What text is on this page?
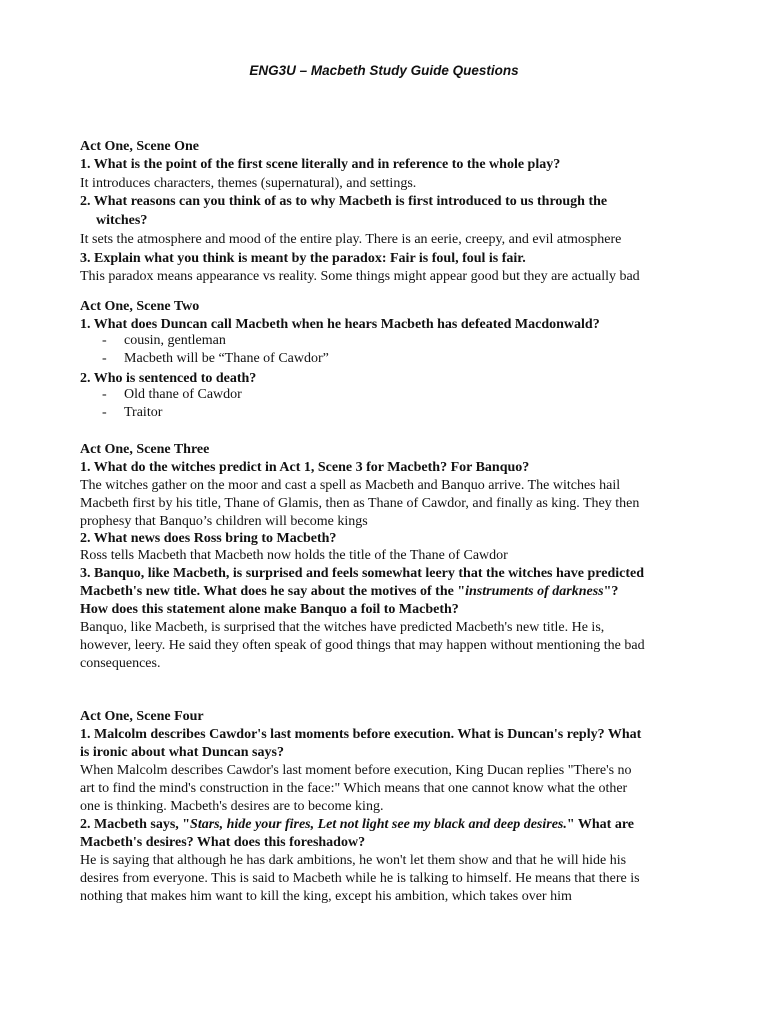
ENG3U – Macbeth Study Guide Questions
Act One, Scene One
1. What is the point of the first scene literally and in reference to the whole play?
It introduces characters, themes (supernatural), and settings.
2. What reasons can you think of as to why Macbeth is first introduced to us through the
witches?
It sets the atmosphere and mood of the entire play. There is an eerie, creepy, and evil atmosphere
3. Explain what you think is meant by the paradox: Fair is foul, foul is fair.
This paradox means appearance vs reality. Some things might appear good but they are actually bad
Act One, Scene Two
1. What does Duncan call Macbeth when he hears Macbeth has defeated Macdonwald?
- cousin, gentleman
- Macbeth will be “Thane of Cawdor”
2. Who is sentenced to death?
- Old thane of Cawdor
- Traitor
Act One, Scene Three
1. What do the witches predict in Act 1, Scene 3 for Macbeth? For Banquo?
The witches gather on the moor and cast a spell as Macbeth and Banquo arrive. The witches hail
Macbeth first by his title, Thane of Glamis, then as Thane of Cawdor, and finally as king. They then
prophesy that Banquo’s children will become kings
2. What news does Ross bring to Macbeth?
Ross tells Macbeth that Macbeth now holds the title of the Thane of Cawdor
3. Banquo, like Macbeth, is surprised and feels somewhat leery that the witches have predicted
Macbeth's new title. What does he say about the motives of the "instruments of darkness"?
How does this statement alone make Banquo a foil to Macbeth?
Banquo, like Macbeth, is surprised that the witches have predicted Macbeth's new title. He is,
however, leery. He said they often speak of good things that may happen without mentioning the bad
consequences.
Act One, Scene Four
1. Malcolm describes Cawdor's last moments before execution. What is Duncan's reply? What
is ironic about what Duncan says?
When Malcolm describes Cawdor's last moment before execution, King Ducan replies "There's no
art to find the mind's construction in the face:" Which means that one cannot know what the other
one is thinking. Macbeth's desires are to become king.
2. Macbeth says, "Stars, hide your fires, Let not light see my black and deep desires." What are
Macbeth's desires? What does this foreshadow?
He is saying that although he has dark ambitions, he won't let them show and that he will hide his
desires from everyone. This is said to Macbeth while he is talking to himself. He means that there is
nothing that makes him want to kill the king, except his ambition, which takes over him
